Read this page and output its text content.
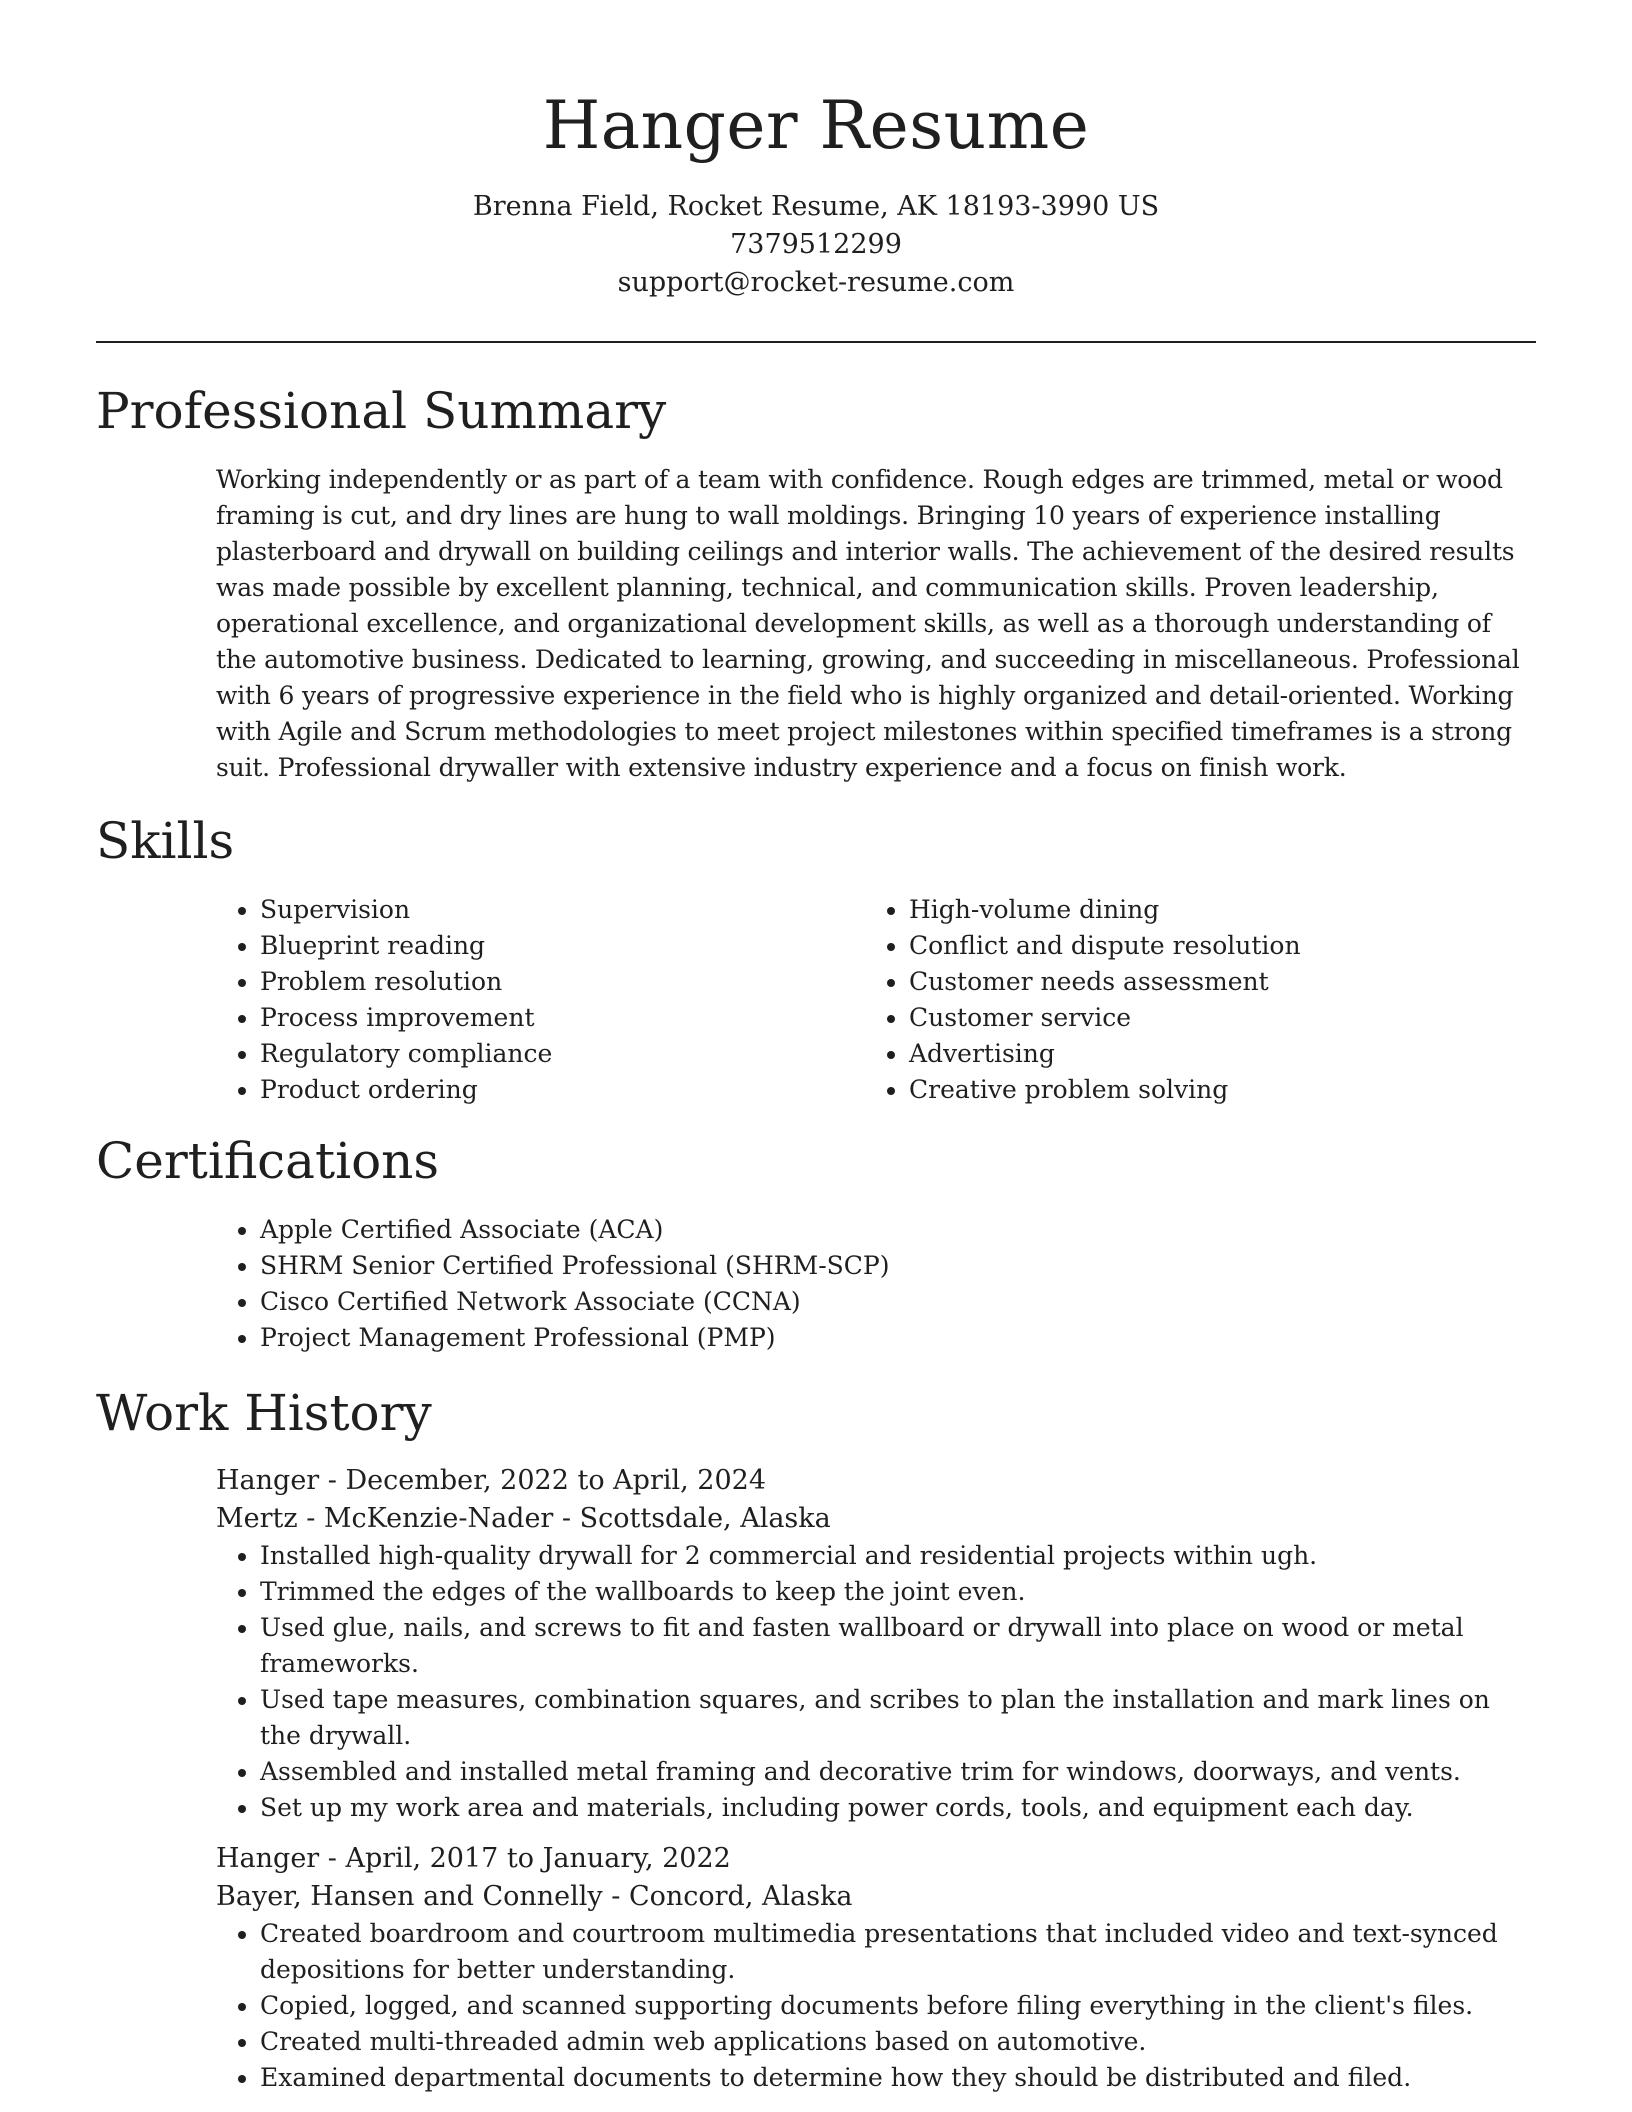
Hanger Resume
Brenna Field, Rocket Resume, AK 18193-3990 US
7379512299
support@rocket-resume.com
Professional Summary

Working independently or as part of a team with confidence. Rough edges are trimmed, metal or wood framing is cut, and dry lines are hung to wall moldings. Bringing 10 years of experience installing plasterboard and drywall on building ceilings and interior walls. The achievement of the desired results was made possible by excellent planning, technical, and communication skills. Proven leadership, operational excellence, and organizational development skills, as well as a thorough understanding of the automotive business. Dedicated to learning, growing, and succeeding in miscellaneous. Professional with 6 years of progressive experience in the field who is highly organized and detail-oriented. Working with Agile and Scrum methodologies to meet project milestones within specified timeframes is a strong suit. Professional drywaller with extensive industry experience and a focus on finish work.

Skills
• Supervision
• Blueprint reading
• Problem resolution
• Process improvement
• Regulatory compliance
• Product ordering
• High-volume dining
• Conflict and dispute resolution
• Customer needs assessment
• Customer service
• Advertising
• Creative problem solving
Certifications
• Apple Certified Associate (ACA)
• SHRM Senior Certified Professional (SHRM-SCP)
• Cisco Certified Network Associate (CCNA)
• Project Management Professional (PMP)
Work History
Hanger - December, 2022 to April, 2024
Mertz - McKenzie-Nader - Scottsdale, Alaska
• Installed high-quality drywall for 2 commercial and residential projects within ugh.
• Trimmed the edges of the wallboards to keep the joint even.
• Used glue, nails, and screws to fit and fasten wallboard or drywall into place on wood or metal frameworks.
• Used tape measures, combination squares, and scribes to plan the installation and mark lines on the drywall.
• Assembled and installed metal framing and decorative trim for windows, doorways, and vents.
• Set up my work area and materials, including power cords, tools, and equipment each day.
Hanger - April, 2017 to January, 2022
Bayer, Hansen and Connelly - Concord, Alaska
• Created boardroom and courtroom multimedia presentations that included video and text-synced depositions for better understanding.
• Copied, logged, and scanned supporting documents before filing everything in the client's files.
• Created multi-threaded admin web applications based on automotive.
• Examined departmental documents to determine how they should be distributed and filed.
